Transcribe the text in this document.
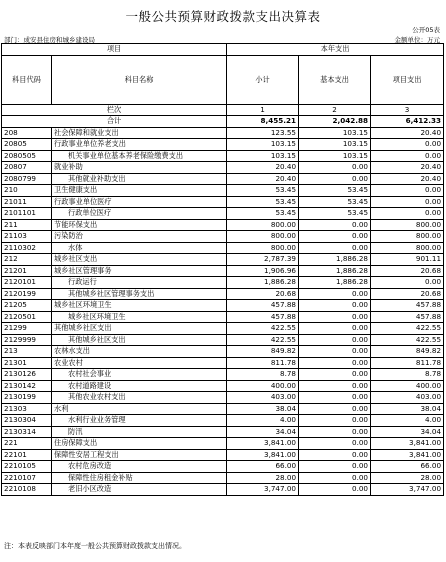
一般公共预算财政拨款支出决算表
公开05表
部门：成安县住房和城乡建设局	金额单位：万元
项目		本年支出		
科目代码	科目名称	小计	基本支出	项目支出
栏次		1	2	3
合计		8,455.21	2,042.88	6,412.33
208	社会保障和就业支出	123.55	103.15	20.40
20805	行政事业单位养老支出	103.15	103.15	0.00
2080505	机关事业单位基本养老保险缴费支出	103.15	103.15	0.00
20807	就业补助	20.40	0.00	20.40
2080799	其他就业补助支出	20.40	0.00	20.40
210	卫生健康支出	53.45	53.45	0.00
21011	行政事业单位医疗	53.45	53.45	0.00
2101101	行政单位医疗	53.45	53.45	0.00
211	节能环保支出	800.00	0.00	800.00
21103	污染防治	800.00	0.00	800.00
2110302	水体	800.00	0.00	800.00
212	城乡社区支出	2,787.39	1,886.28	901.11
21201	城乡社区管理事务	1,906.96	1,886.28	20.68
2120101	行政运行	1,886.28	1,886.28	0.00
2120199	其他城乡社区管理事务支出	20.68	0.00	20.68
21205	城乡社区环境卫生	457.88	0.00	457.88
2120501	城乡社区环境卫生	457.88	0.00	457.88
21299	其他城乡社区支出	422.55	0.00	422.55
2129999	其他城乡社区支出	422.55	0.00	422.55
213	农林水支出	849.82	0.00	849.82
21301	农业农村	811.78	0.00	811.78
2130126	农村社会事业	8.78	0.00	8.78
2130142	农村道路建设	400.00	0.00	400.00
2130199	其他农业农村支出	403.00	0.00	403.00
21303	水利	38.04	0.00	38.04
2130304	水利行业业务管理	4.00	0.00	4.00
2130314	防汛	34.04	0.00	34.04
221	住房保障支出	3,841.00	0.00	3,841.00
22101	保障性安居工程支出	3,841.00	0.00	3,841.00
2210105	农村危房改造	66.00	0.00	66.00
2210107	保障性住房租金补贴	28.00	0.00	28.00
2210108	老旧小区改造	3,747.00	0.00	3,747.00
注：本表反映部门本年度一般公共预算财政拨款支出情况。
